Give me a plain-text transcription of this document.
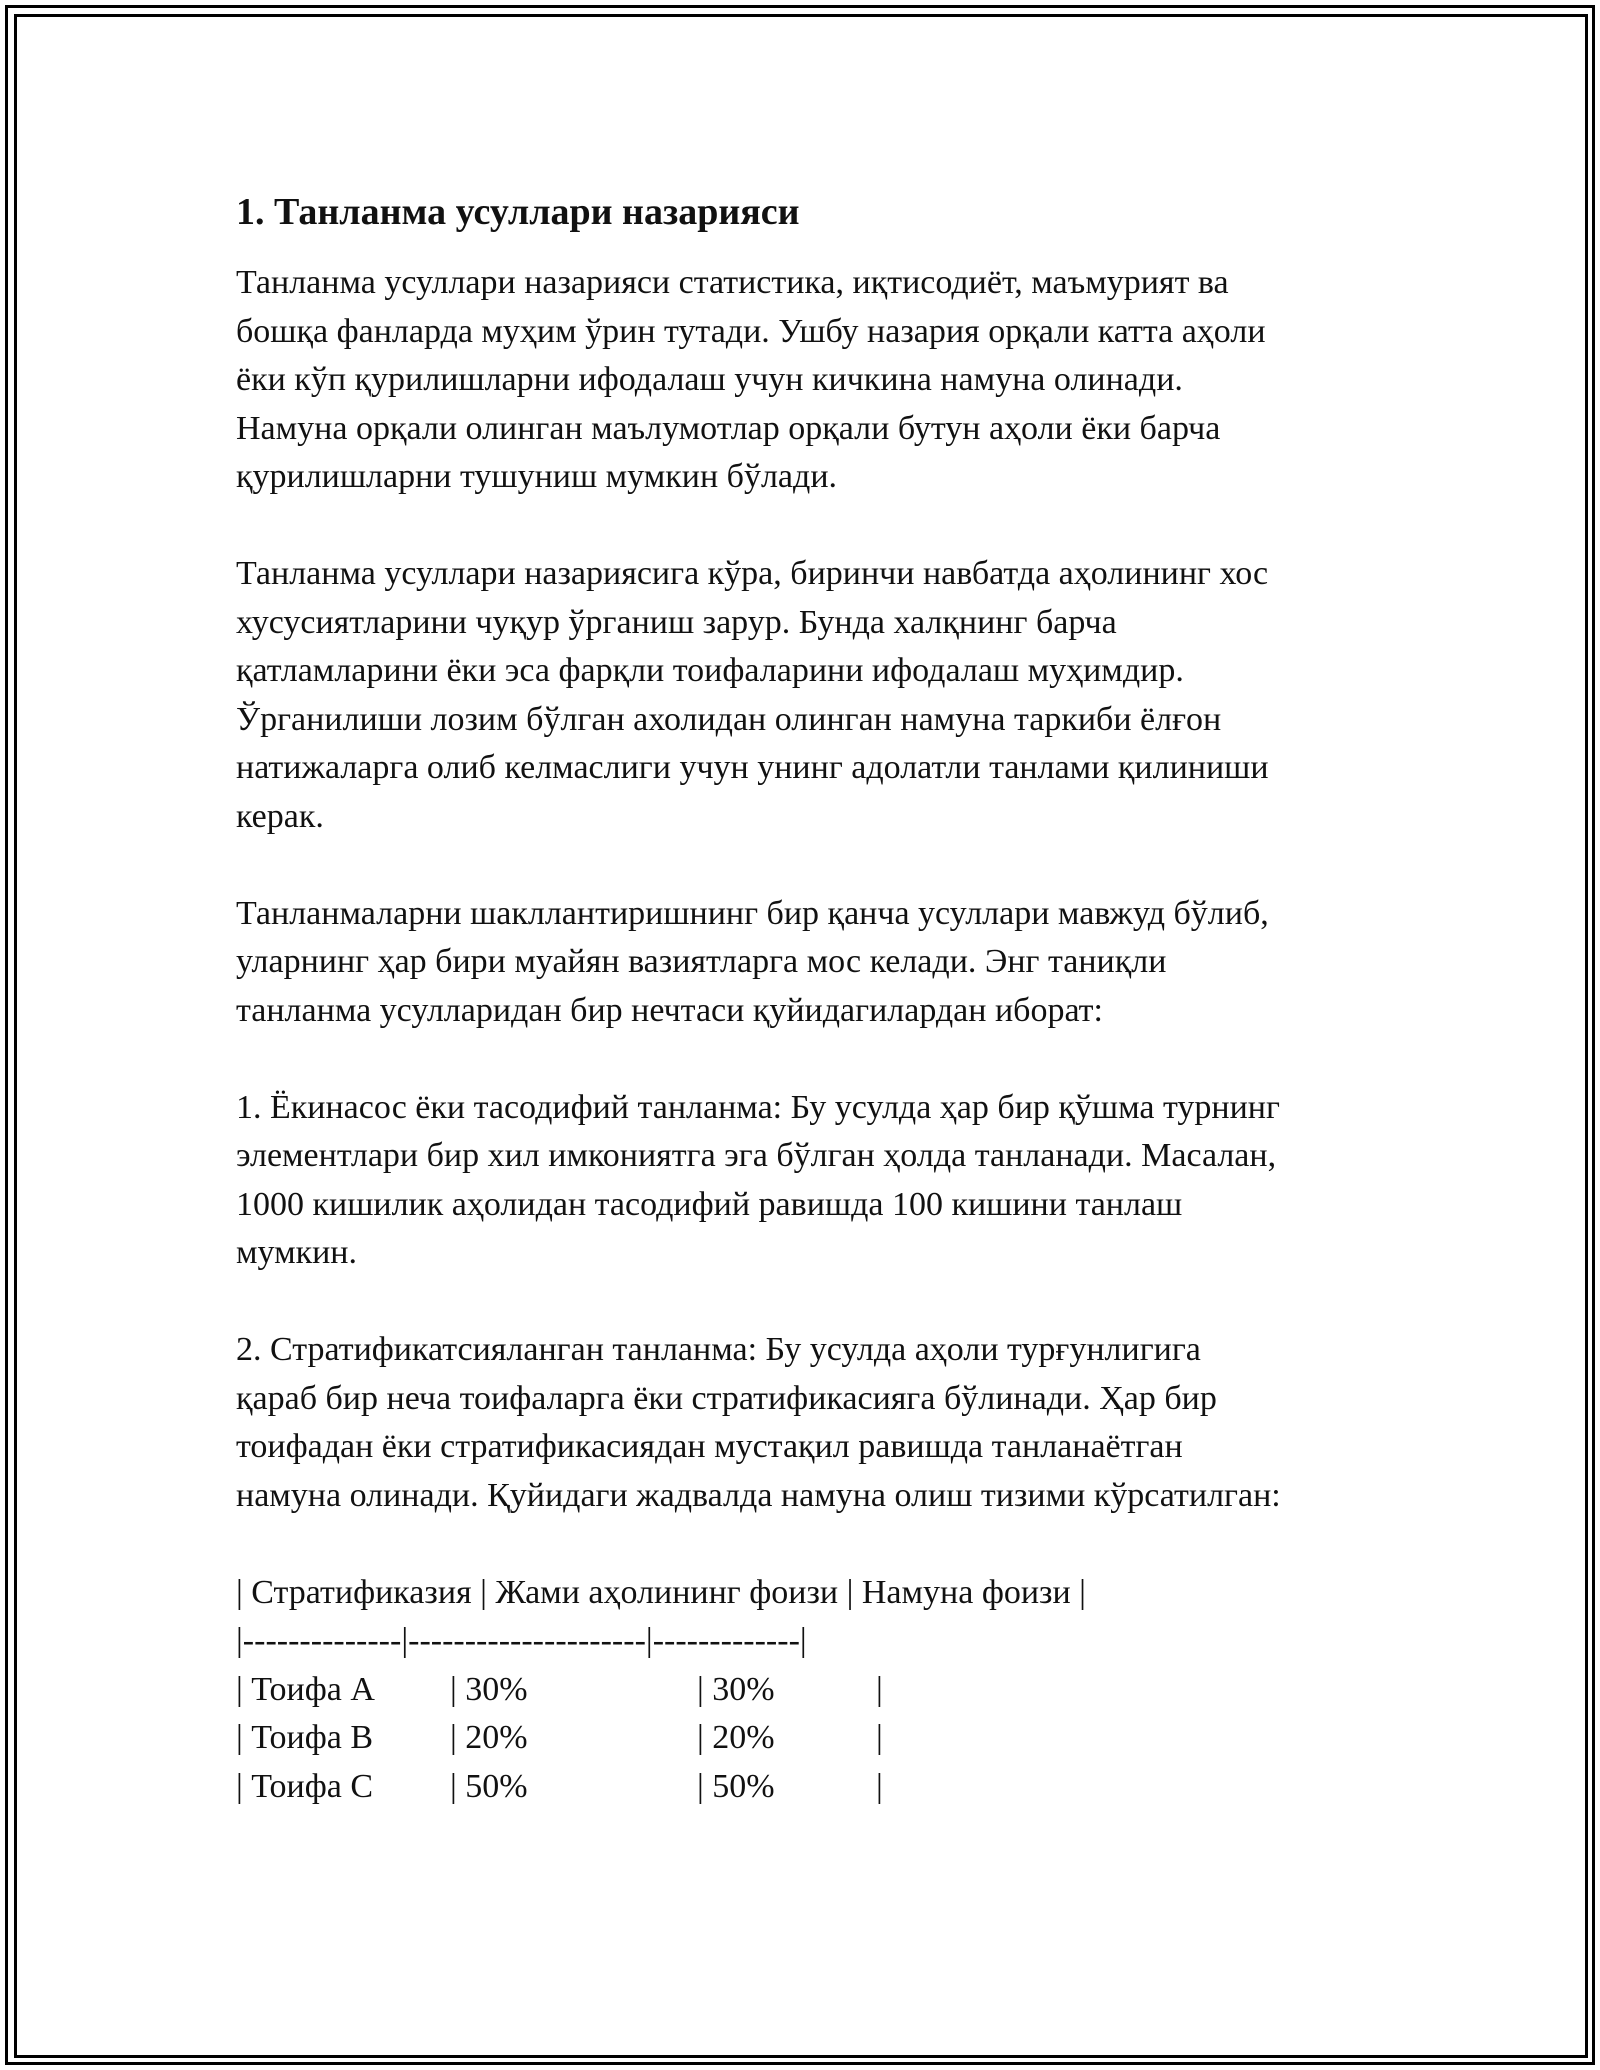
1. Танланма усуллари назарияси
Танланма усуллари назарияси статистика, иқтисодиёт, маъмурият ва
бошқа фанларда муҳим ўрин тутади. Ушбу назария орқали катта аҳоли
ёки кўп қурилишларни ифодалаш учун кичкина намуна олинади.
Намуна орқали олинган маълумотлар орқали бутун аҳоли ёки барча
қурилишларни тушуниш мумкин бўлади.
Танланма усуллари назариясига кўра, биринчи навбатда аҳолининг хос
хусусиятларини чуқур ўрганиш зарур. Бунда халқнинг барча
қатламларини ёки эса фарқли тоифаларини ифодалаш муҳимдир.
Ўрганилиши лозим бўлган ахолидан олинган намуна таркиби ёлғон
натижаларга олиб келмаслиги учун унинг адолатли танлами қилиниши
керак.
Танланмаларни шакллантиришнинг бир қанча усуллари мавжуд бўлиб,
уларнинг ҳар бири муайян вазиятларга мос келади. Энг таниқли
танланма усулларидан бир нечтаси қуйидагилардан иборат:
1. Ёкинасос ёки тасодифий танланма: Бу усулда ҳар бир қўшма турнинг
элементлари бир хил имкониятга эга бўлган ҳолда танланади. Масалан,
1000 кишилик аҳолидан тасодифий равишда 100 кишини танлаш
мумкин.
2. Стратификатсияланган танланма: Бу усулда аҳоли турғунлигига
қараб бир неча тоифаларга ёки стратификасияга бўлинади. Ҳар бир
тоифадан ёки стратификасиядан мустақил равишда танланаётган
намуна олинади. Қуйидаги жадвалда намуна олиш тизими кўрсатилган:
| Стратификазия | Жами аҳолининг фоизи | Намуна фоизи |
|--------------|---------------------|-------------|
| Тоифа A | 30%	| 30%	|
| Тоифа B | 20%	| 20%	|
| Тоифа C | 50%	| 50%	|
